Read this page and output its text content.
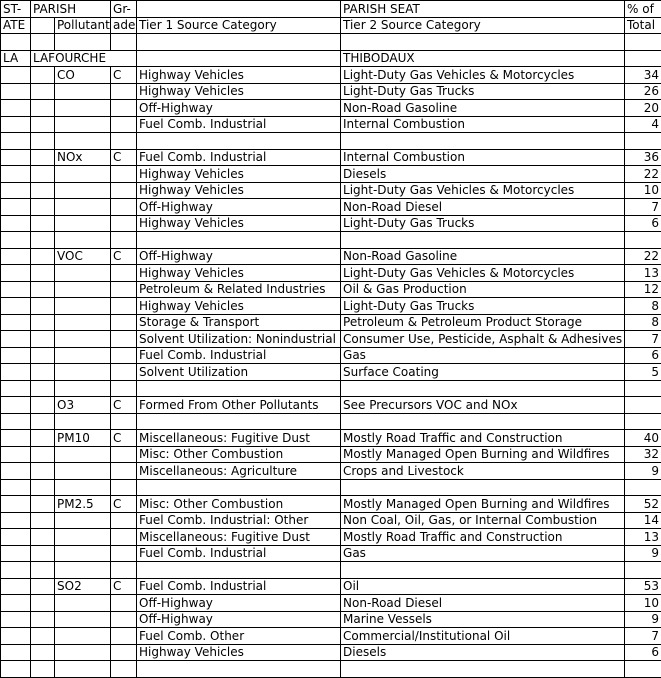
ST-	PARISH		Gr-		PARISH SEAT	% of
ATE		Pollutant	ade	Tier 1 Source Category	Tier 2 Source Category	Total

LA	LAFOURCHE				THIBODAUX	
		CO	C	Highway Vehicles	Light-Duty Gas Vehicles & Motorcycles	34
				Highway Vehicles	Light-Duty Gas Trucks	26
				Off-Highway	Non-Road Gasoline	20
				Fuel Comb. Industrial	Internal Combustion	4

		NOx	C	Fuel Comb. Industrial	Internal Combustion	36
				Highway Vehicles	Diesels	22
				Highway Vehicles	Light-Duty Gas Vehicles & Motorcycles	10
				Off-Highway	Non-Road Diesel	7
				Highway Vehicles	Light-Duty Gas Trucks	6

		VOC	C	Off-Highway	Non-Road Gasoline	22
				Highway Vehicles	Light-Duty Gas Vehicles & Motorcycles	13
				Petroleum & Related Industries	Oil & Gas Production	12
				Highway Vehicles	Light-Duty Gas Trucks	8
				Storage & Transport	Petroleum & Petroleum Product Storage	8
				Solvent Utilization: Nonindustrial	Consumer Use, Pesticide, Asphalt & Adhesives	7
				Fuel Comb. Industrial	Gas	6
				Solvent Utilization	Surface Coating	5

		O3	C	Formed From Other Pollutants	See Precursors VOC and NOx	

		PM10	C	Miscellaneous: Fugitive Dust	Mostly Road Traffic and Construction	40
				Misc: Other Combustion	Mostly Managed Open Burning and Wildfires	32
				Miscellaneous: Agriculture	Crops and Livestock	9

		PM2.5	C	Misc: Other Combustion	Mostly Managed Open Burning and Wildfires	52
				Fuel Comb. Industrial: Other	Non Coal, Oil, Gas, or Internal Combustion	14
				Miscellaneous: Fugitive Dust	Mostly Road Traffic and Construction	13
				Fuel Comb. Industrial	Gas	9

		SO2	C	Fuel Comb. Industrial	Oil	53
				Off-Highway	Non-Road Diesel	10
				Off-Highway	Marine Vessels	9
				Fuel Comb. Other	Commercial/Institutional Oil	7
				Highway Vehicles	Diesels	6
